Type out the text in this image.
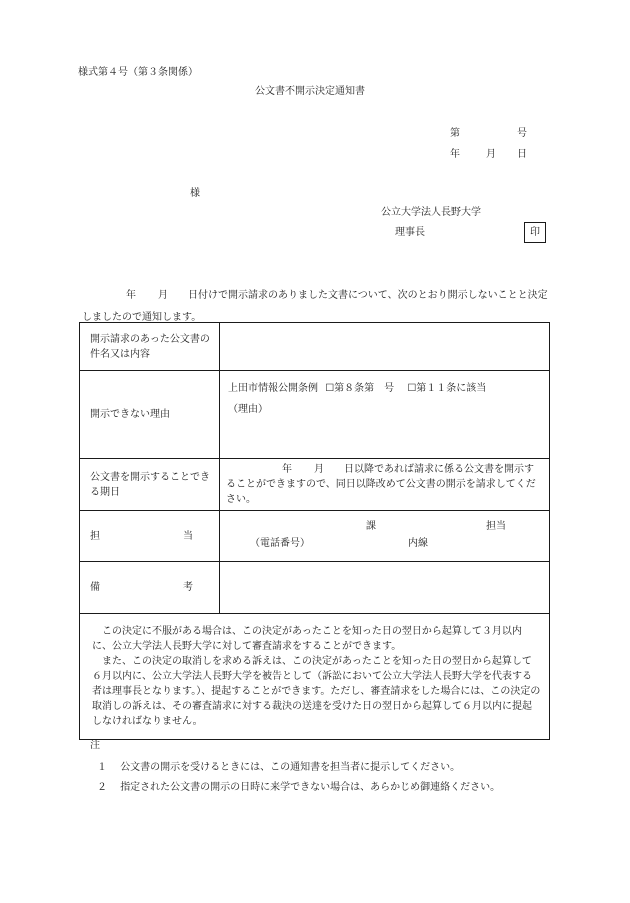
様式第４号（第３条関係）
公文書不開示決定通知書
第	号
年	月 日
様
公立大学法人長野大学
理事長	印
年 月 日付けで開示請求のありました文書について、次のとおり開示しないことと決定しましたので通知します。
開示請求のあった公文書の件名又は内容	
開示できない理由	上田市情報公開条例 ☐第８条第　号 ☐第１１条に該当
（理由）

公文書を開示することできる期日	年 月 日以降であれば請求に係る公文書を開示することができますので、同日以降改めて公文書の開示を請求してください。

担 当	課 担当
（電話番号） 内線

備 考	

この決定に不服がある場合は、この決定があったことを知った日の翌日から起算して３月以内に、公立大学法人長野大学に対して審査請求をすることができます。

また、この決定の取消しを求める訴えは、この決定があったことを知った日の翌日から起算して６月以内に、公立大学法人長野大学を被告として（訴訟において公立大学法人長野大学を代表する者は理事長となります。）、提起することができます。ただし、審査請求をした場合には、この決定の取消しの訴えは、その審査請求に対する裁決の送達を受けた日の翌日から起算して６月以内に提起しなければなりません。	

注
１ 公文書の開示を受けるときには、この通知書を担当者に提示してください。
２ 指定された公文書の開示の日時に来学できない場合は、あらかじめ御連絡ください。
